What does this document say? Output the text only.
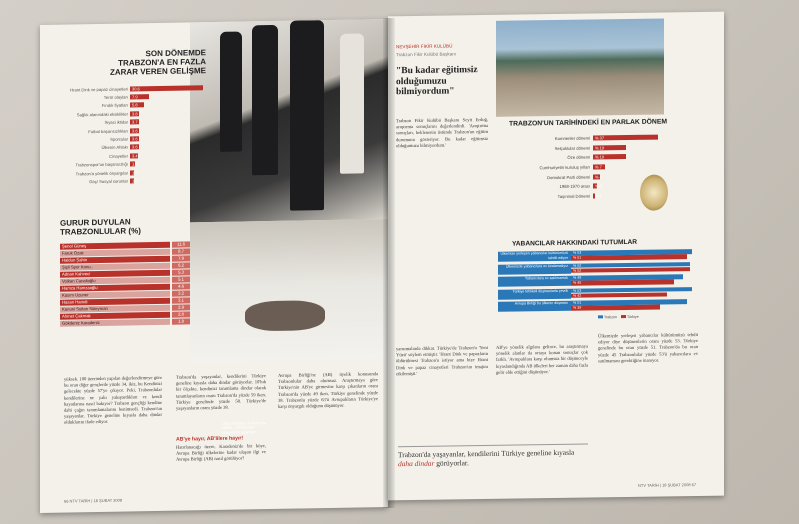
Uğur Dündar'a Trabzon'da saldırı... Hrant Dink cinayetinin ardından...
SON DÖNEMDE
TRABZON'A EN FAZLA
ZARAR VEREN GELİŞME
Hrant Dink ve papaz cinayetleri	30.6
Terör olayları	7.9
Fındık fiyatları	5.8
Sağlık alanındaki eksiklikler	3.8
Siyasi iktidar	3.7
Futbol başarısızlıkları	3.6
Sporcular	3.6
Ülkenin Ahlakı	3.6
Cinayetler	3.4
Trabzonspor'un başarısızlığı	1.9
Trabzon'a yönelik önyargılar	1.7
Göç/ Sosyal sorunlar	1.6
GURUR DUYULAN
TRABZONLULAR (%)
Şenol Güneş	11.6
Faruk Özak	8.7
Haldun Şahin	7.9
Şişli Spor Konu..	6.2
Adnan Kahveci	5.3
Volkan Canalioğlu	5.1
Hamza Hamzaoğlu	4.6
Kasım Uzuner	3.2
Hasan Hamdi	3.1
Kanuni Sultan Süleyman	2.9
Ahmet Çakmak	2.0
Gökdeniz Karadeniz	1.8
yüksek. 100 üzerinden yapılan değerlendirmeye göre bu oran diğer gençlerde yüzde 34, ikiz, bu Kendinizi gelecekte yüzde 57'ye çıkıyor. Peki, Trabzonlular kendilerine ne yakı yakıştırdıkları ve kendi hayatlarına nasıl bakıyor? Trabzon gençliği kendine dahi çağın tanımlamalarını benimsedi. Trabzon'un yaşayanlar, Türkiye geneline kıyasla daha dindar olduklarını ifade ediyor.
Trabzon'da yaşayanlar, kendilerini Türkiye geneline kıyasla daha dindar görüyorlar. 10'luk bir ölçekte, kendinizi tanımlama dindar olarak tanımlayanların oranı Trabzon'da yüzde 59 iken, Türkiye genelinde yüzde 58. Türkiye'de yaşayanların oranı yüzde 38.
AB'ye hayır, AB'lilere hayır!
Hatırlanacağı üzere, Karadeniz'de bir köye, Avrupa Birliği ülkelerine kadar ulaşan ilgi ve Avrupa Birliği (AB) nasıl görülüyor?
Avrupa Birliği'ne (AB) üyelik konusunda Trabzonlular daha olumsuz. Araştırmaya göre Türkiye'nin AB'ye girmesine karşı çıkanların oranı Trabzon'da yüzde 49 iken, Türkiye genelinde yüzde 38. Trabzonlu yüzde 63'ü Avrupalıların Türkiye'ye karşı önyargılı olduğunu düşünüyor.
66 NTV TARİH | 18 ŞUBAT 2008
NEVŞEHİR FİKİR KULÜBÜ
Trabzon Fikir Kulübü Başkanı
"Bu kadar eğitimsiz olduğumuzu bilmiyordum"
Trabzon Fikir Kulübü Başkanı Seyit Erdoğ, araştırma sonuçlarını değerlendirdi. 'Araştırma sonuçları, beklenenin üstünde Trabzon'un eğitim durumunu gösteriyor. Bu kadar eğitimsiz olduğumuzu bilmiyordum.'
TRABZON'UN TARİHİNDEKİ EN PARLAK DÖNEM
Komnenler dönemi	% 37
Selçuklular dönemi	% 19
Öze dönemi	% 19
Cumhuriyetin kuruluş yılları	% 7
Demokrat Parti dönemi	% 4
1968-1970 arası	% 2
Taşınmal Dönemi	% 1
YABANCILAR HAKKINDAKİ TUTUMLAR
Ülkemize yerleşen yabancılar kültürümüzü tehdit ediyor
% 53
% 51
Ülkemizde yabancılara ev kiralamalıyız	% 52
% 52
Yabancılara ev satılmamalı	% 49
% 45
Türkiye tehlikeli düşmanlarla çevrili	% 53
% 42
Avrupa Birliği bu ülkenin düşmanı	% 51
% 39
Trabzon	Türkiye
yansımalarda dikkat. Türkiye'de Trabzon'u 'Yeni Yüzü' söylem etmiştir. 'Hrant Dink ve papazların öldürülmesi Trabzon'u istiyor ama bize Hrant Dink ve papaz cinayetleri Trabzon'un imajını etkilemişti.'
AB'ye yönelik algılara gelince, bu araştırmaya yönelik alanlar da ortaya konan sonuçlar çok farklı. 'Avrupalılara karşı olumsuz bir düşünceyle kıyaslandığında AB ülkeleri her zaman daha fazla gelir elde ettiğini düşünüyor.'
Ülkemizde yerleşen yabancılar kültürümüzü tehdit ediyor diye düşünenlerin oranı yüzde 53. Türkiye genelinde bu oran yüzde 51. Trabzon'da bu oran yüzde 45 Trabzonlular yüzde 53'ü yabancılara ev satılmaması gerektiğine inanıyor.
Trabzon'da yaşayanlar, kendilerini Türkiye geneline kıyasla daha dindar görüyorlar.
NTV TARİH | 18 ŞUBAT 2008 67
